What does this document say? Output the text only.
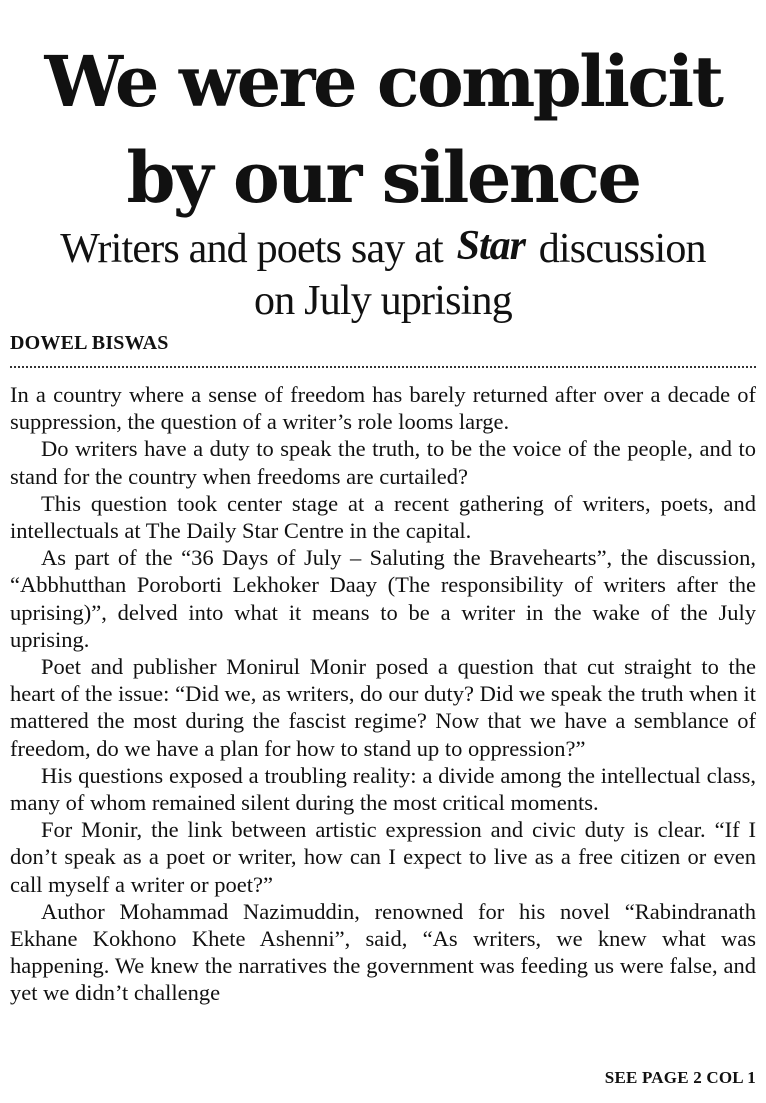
We were complicit
by our silence
Writers and poets say at Star discussion
on July uprising
DOWEL BISWAS

In a country where a sense of freedom has barely returned after over a decade of suppression, the question of a writer’s role looms large.

Do writers have a duty to speak the truth, to be the voice of the people, and to stand for the country when freedoms are curtailed?

This question took center stage at a recent gathering of writers, poets, and intellectuals at The Daily Star Centre in the capital.

As part of the “36 Days of July – Saluting the Bravehearts”, the discussion, “Abbhutthan Poroborti Lekhoker Daay (The responsibility of writers after the uprising)”, delved into what it means to be a writer in the wake of the July uprising.

Poet and publisher Monirul Monir posed a question that cut straight to the heart of the issue: “Did we, as writers, do our duty? Did we speak the truth when it mattered the most during the fascist regime? Now that we have a semblance of freedom, do we have a plan for how to stand up to oppression?”

His questions exposed a troubling reality: a divide among the intellectual class, many of whom remained silent during the most critical moments.

For Monir, the link between artistic expression and civic duty is clear. “If I don’t speak as a poet or writer, how can I expect to live as a free citizen or even call myself a writer or poet?”

Author Mohammad Nazimuddin, renowned for his novel “Rabindranath Ekhane Kokhono Khete Ashenni”, said, “As writers, we knew what was happening. We knew the narratives the government was feeding us were false, and yet we didn’t challenge

SEE PAGE 2 COL 1
